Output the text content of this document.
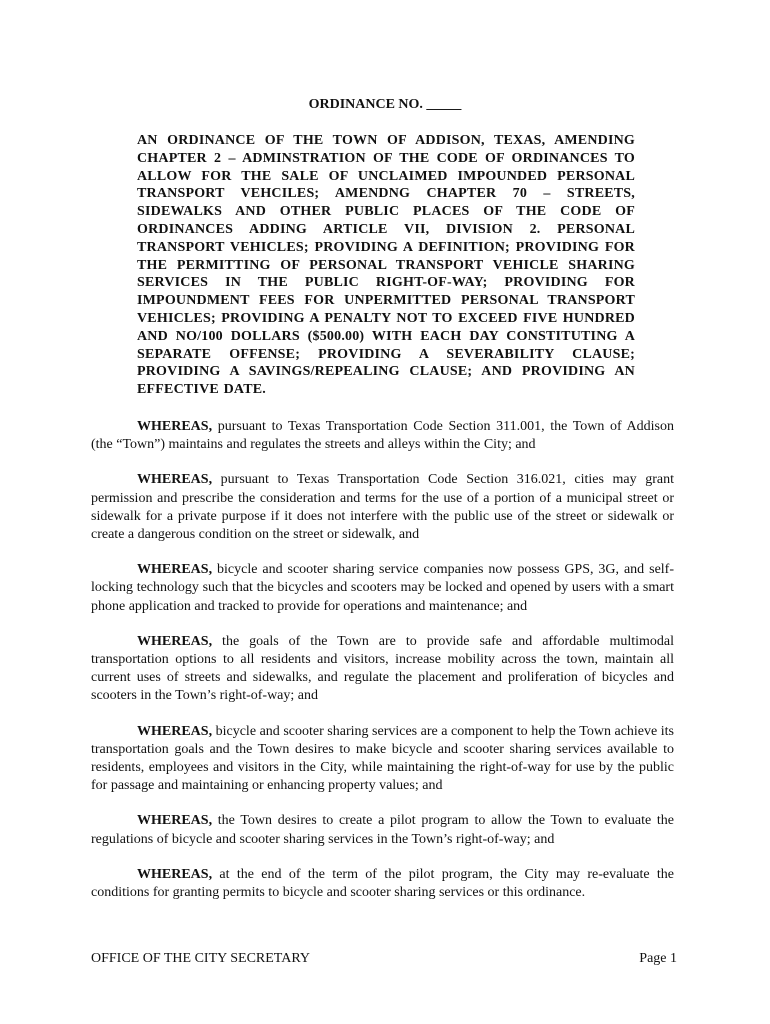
ORDINANCE NO. _____
AN ORDINANCE OF THE TOWN OF ADDISON, TEXAS, AMENDING CHAPTER 2 – ADMINSTRATION OF THE CODE OF ORDINANCES TO ALLOW FOR THE SALE OF UNCLAIMED IMPOUNDED PERSONAL TRANSPORT VEHCILES; AMENDNG CHAPTER 70 – STREETS, SIDEWALKS AND OTHER PUBLIC PLACES OF THE CODE OF ORDINANCES ADDING ARTICLE VII, DIVISION 2. PERSONAL TRANSPORT VEHICLES; PROVIDING A DEFINITION; PROVIDING FOR THE PERMITTING OF PERSONAL TRANSPORT VEHICLE SHARING SERVICES IN THE PUBLIC RIGHT-OF-WAY; PROVIDING FOR IMPOUNDMENT FEES FOR UNPERMITTED PERSONAL TRANSPORT VEHICLES; PROVIDING A PENALTY NOT TO EXCEED FIVE HUNDRED AND NO/100 DOLLARS ($500.00) WITH EACH DAY CONSTITUTING A SEPARATE OFFENSE; PROVIDING A SEVERABILITY CLAUSE; PROVIDING A SAVINGS/REPEALING CLAUSE; AND PROVIDING AN EFFECTIVE DATE.

WHEREAS, pursuant to Texas Transportation Code Section 311.001, the Town of Addison (the “Town”) maintains and regulates the streets and alleys within the City; and

WHEREAS, pursuant to Texas Transportation Code Section 316.021, cities may grant permission and prescribe the consideration and terms for the use of a portion of a municipal street or sidewalk for a private purpose if it does not interfere with the public use of the street or sidewalk or create a dangerous condition on the street or sidewalk, and

WHEREAS, bicycle and scooter sharing service companies now possess GPS, 3G, and self-locking technology such that the bicycles and scooters may be locked and opened by users with a smart phone application and tracked to provide for operations and maintenance; and

WHEREAS, the goals of the Town are to provide safe and affordable multimodal transportation options to all residents and visitors, increase mobility across the town, maintain all current uses of streets and sidewalks, and regulate the placement and proliferation of bicycles and scooters in the Town’s right-of-way; and

WHEREAS, bicycle and scooter sharing services are a component to help the Town achieve its transportation goals and the Town desires to make bicycle and scooter sharing services available to residents, employees and visitors in the City, while maintaining the right-of-way for use by the public for passage and maintaining or enhancing property values; and

WHEREAS, the Town desires to create a pilot program to allow the Town to evaluate the regulations of bicycle and scooter sharing services in the Town’s right-of-way; and

WHEREAS, at the end of the term of the pilot program, the City may re-evaluate the conditions for granting permits to bicycle and scooter sharing services or this ordinance.

OFFICE OF THE CITY SECRETARY	Page 1
